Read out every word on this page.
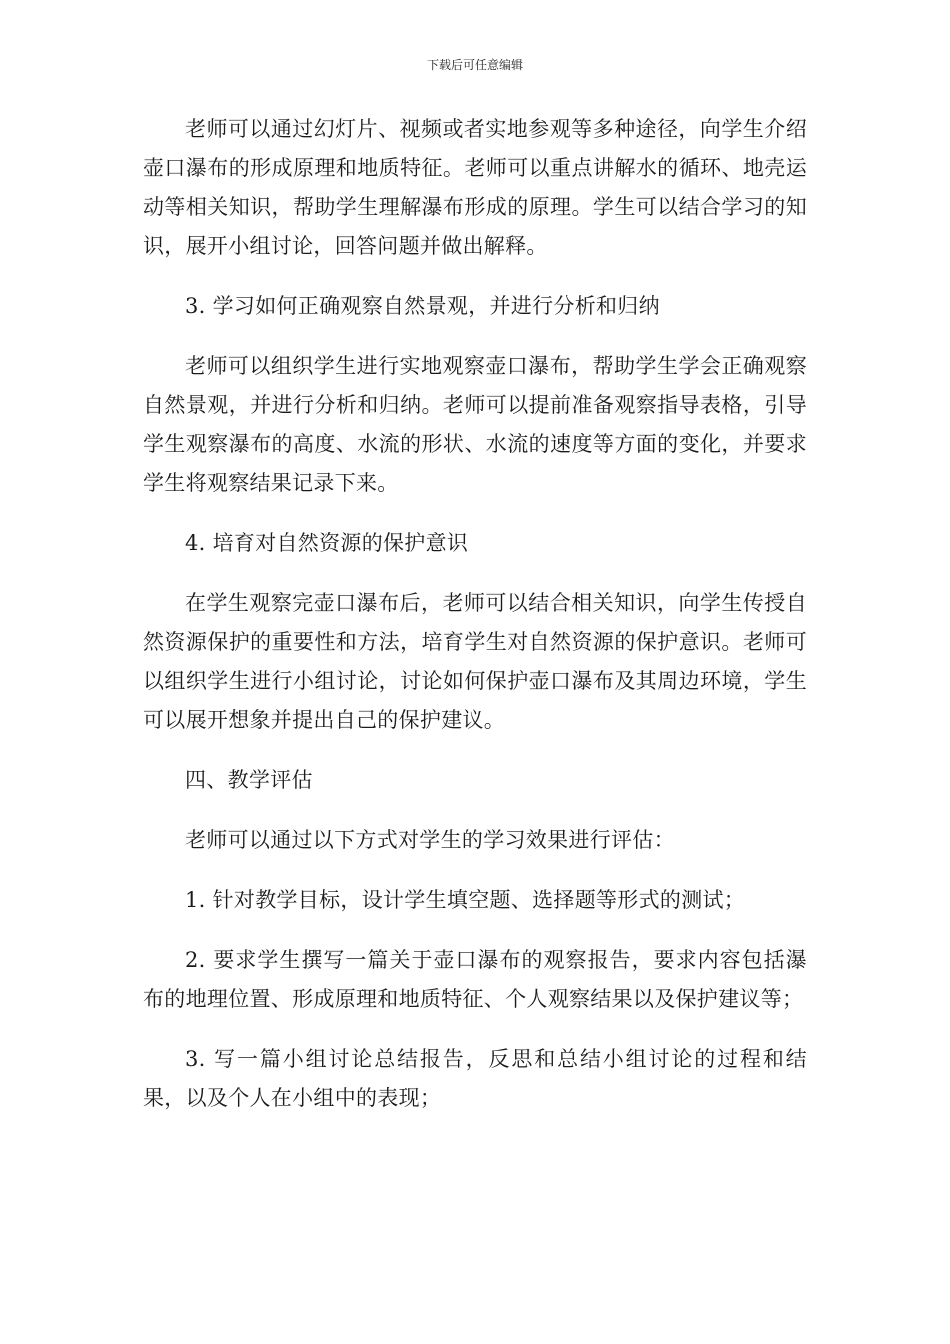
下载后可任意编辑

老师可以通过幻灯片、视频或者实地参观等多种途径，向学生介绍壶口瀑布的形成原理和地质特征。老师可以重点讲解水的循环、地壳运动等相关知识，帮助学生理解瀑布形成的原理。学生可以结合学习的知识，展开小组讨论，回答问题并做出解释。

3. 学习如何正确观察自然景观，并进行分析和归纳

老师可以组织学生进行实地观察壶口瀑布，帮助学生学会正确观察自然景观，并进行分析和归纳。老师可以提前准备观察指导表格，引导学生观察瀑布的高度、水流的形状、水流的速度等方面的变化，并要求学生将观察结果记录下来。

4. 培育对自然资源的保护意识

在学生观察完壶口瀑布后，老师可以结合相关知识，向学生传授自然资源保护的重要性和方法，培育学生对自然资源的保护意识。老师可以组织学生进行小组讨论，讨论如何保护壶口瀑布及其周边环境，学生可以展开想象并提出自己的保护建议。

四、教学评估

老师可以通过以下方式对学生的学习效果进行评估：

1. 针对教学目标，设计学生填空题、选择题等形式的测试；

2. 要求学生撰写一篇关于壶口瀑布的观察报告，要求内容包括瀑布的地理位置、形成原理和地质特征、个人观察结果以及保护建议等；

3. 写一篇小组讨论总结报告，反思和总结小组讨论的过程和结果，以及个人在小组中的表现；
